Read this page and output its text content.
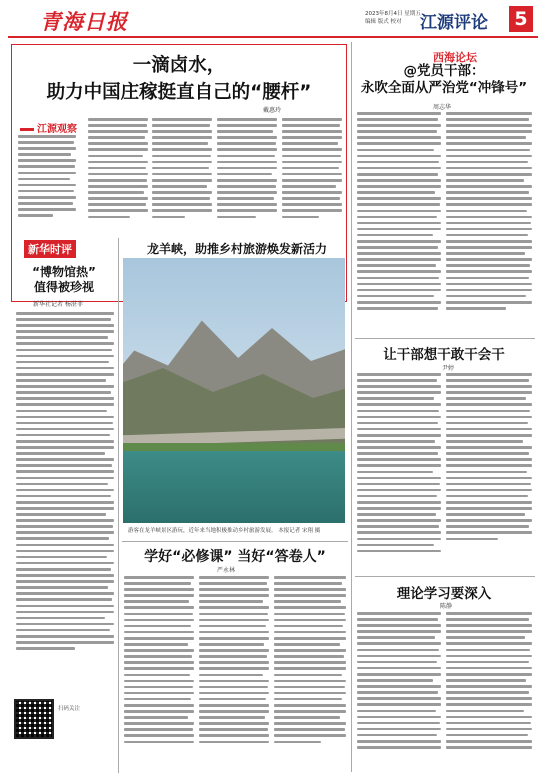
青海日报	2023年8月4日 星期五
编辑 版式 校对	江源评论 5
一滴卤水，
助力中国庄稼挺直自己的“腰杆”
戴惠玲
江源观察
西海论坛
@党员干部：
永吹全面从严治党“冲锋号”
周志华
让干部想干敢干会干
尹婷
理论学习要深入
陈静
新华时评
“博物馆热”
值得被珍视
新华社记者 杨湛菲
扫码关注
龙羊峡，助推乡村旅游焕发新活力
游客在龙羊峡景区游玩，近年来当地积极推动乡村旅游发展。 本报记者 宋翔 摄
学好“必修课” 当好“答卷人”
严永林
